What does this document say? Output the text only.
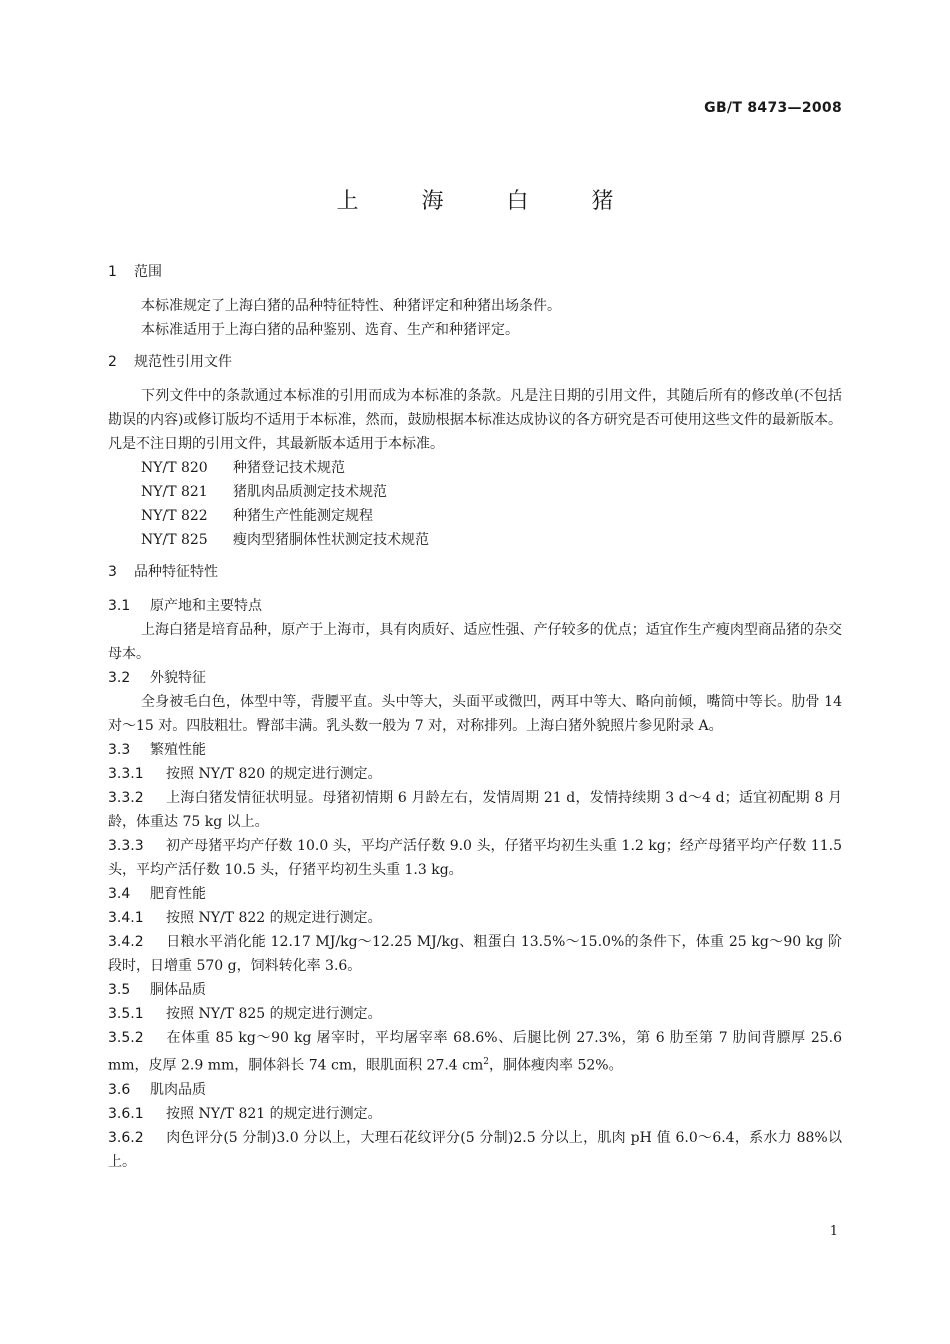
GB/T 8473—2008
上 海 白 猪
1 范围

本标准规定了上海白猪的品种特征特性、种猪评定和种猪出场条件。

本标准适用于上海白猪的品种鉴别、选育、生产和种猪评定。

2 规范性引用文件

下列文件中的条款通过本标准的引用而成为本标准的条款。凡是注日期的引用文件，其随后所有的修改单(不包括勘误的内容)或修订版均不适用于本标准，然而，鼓励根据本标准达成协议的各方研究是否可使用这些文件的最新版本。凡是不注日期的引用文件，其最新版本适用于本标准。

NY/T 820 种猪登记技术规范
NY/T 821 猪肌肉品质测定技术规范
NY/T 822 种猪生产性能测定规程
NY/T 825 瘦肉型猪胴体性状测定技术规范
3 品种特征特性
3.1 原产地和主要特点

上海白猪是培育品种，原产于上海市，具有肉质好、适应性强、产仔较多的优点；适宜作生产瘦肉型商品猪的杂交母本。

3.2 外貌特征

全身被毛白色，体型中等，背腰平直。头中等大，头面平或微凹，两耳中等大、略向前倾，嘴筒中等长。肋骨 14 对～15 对。四肢粗壮。臀部丰满。乳头数一般为 7 对，对称排列。上海白猪外貌照片参见附录 A。

3.3 繁殖性能

3.3.1 按照 NY/T 820 的规定进行测定。

3.3.2 上海白猪发情征状明显。母猪初情期 6 月龄左右，发情周期 21 d，发情持续期 3 d～4 d；适宜初配期 8 月龄，体重达 75 kg 以上。

3.3.3 初产母猪平均产仔数 10.0 头，平均产活仔数 9.0 头，仔猪平均初生头重 1.2 kg；经产母猪平均产仔数 11.5 头，平均产活仔数 10.5 头，仔猪平均初生头重 1.3 kg。

3.4 肥育性能

3.4.1 按照 NY/T 822 的规定进行测定。

3.4.2 日粮水平消化能 12.17 MJ/kg～12.25 MJ/kg、粗蛋白 13.5%～15.0%的条件下，体重 25 kg～90 kg 阶段时，日增重 570 g，饲料转化率 3.6。

3.5 胴体品质

3.5.1 按照 NY/T 825 的规定进行测定。

3.5.2 在体重 85 kg～90 kg 屠宰时，平均屠宰率 68.6%、后腿比例 27.3%，第 6 肋至第 7 肋间背膘厚 25.6 mm，皮厚 2.9 mm，胴体斜长 74 cm，眼肌面积 27.4 $cm^2$，胴体瘦肉率 52%。

3.6 肌肉品质

3.6.1 按照 NY/T 821 的规定进行测定。

3.6.2 肉色评分(5 分制)3.0 分以上，大理石花纹评分(5 分制)2.5 分以上，肌肉 pH 值 6.0～6.4，系水力 88%以上。

1
